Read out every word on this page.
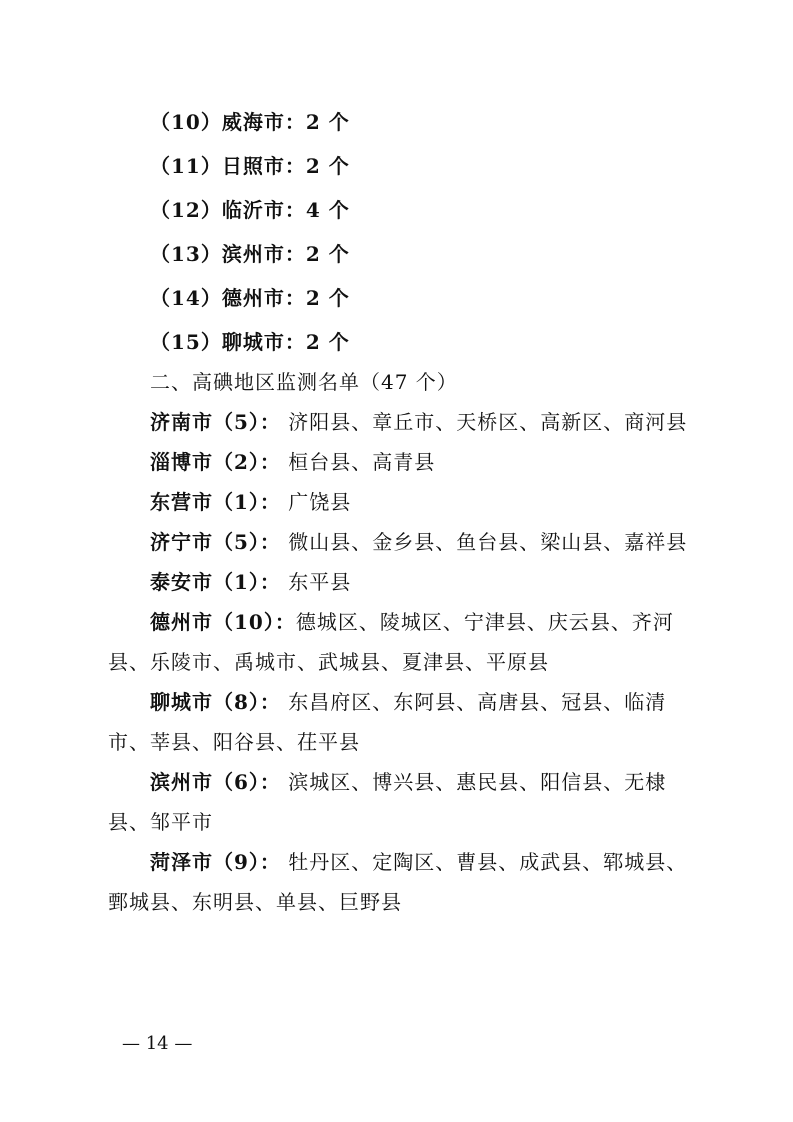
（10）威海市：2 个
（11）日照市：2 个
（12）临沂市：4 个
（13）滨州市：2 个
（14）德州市：2 个
（15）聊城市：2 个
二、高碘地区监测名单（47 个）
济南市（5）： 济阳县、章丘市、天桥区、高新区、商河县
淄博市（2）： 桓台县、高青县
东营市（1）： 广饶县
济宁市（5）： 微山县、金乡县、鱼台县、梁山县、嘉祥县
泰安市（1）： 东平县
德州市（10）：德城区、陵城区、宁津县、庆云县、齐河县、乐陵市、禹城市、武城县、夏津县、平原县
聊城市（8）： 东昌府区、东阿县、高唐县、冠县、临清市、莘县、阳谷县、茌平县
滨州市（6）： 滨城区、博兴县、惠民县、阳信县、无棣县、邹平市
菏泽市（9）： 牡丹区、定陶区、曹县、成武县、郓城县、鄄城县、东明县、单县、巨野县
— 14 —
